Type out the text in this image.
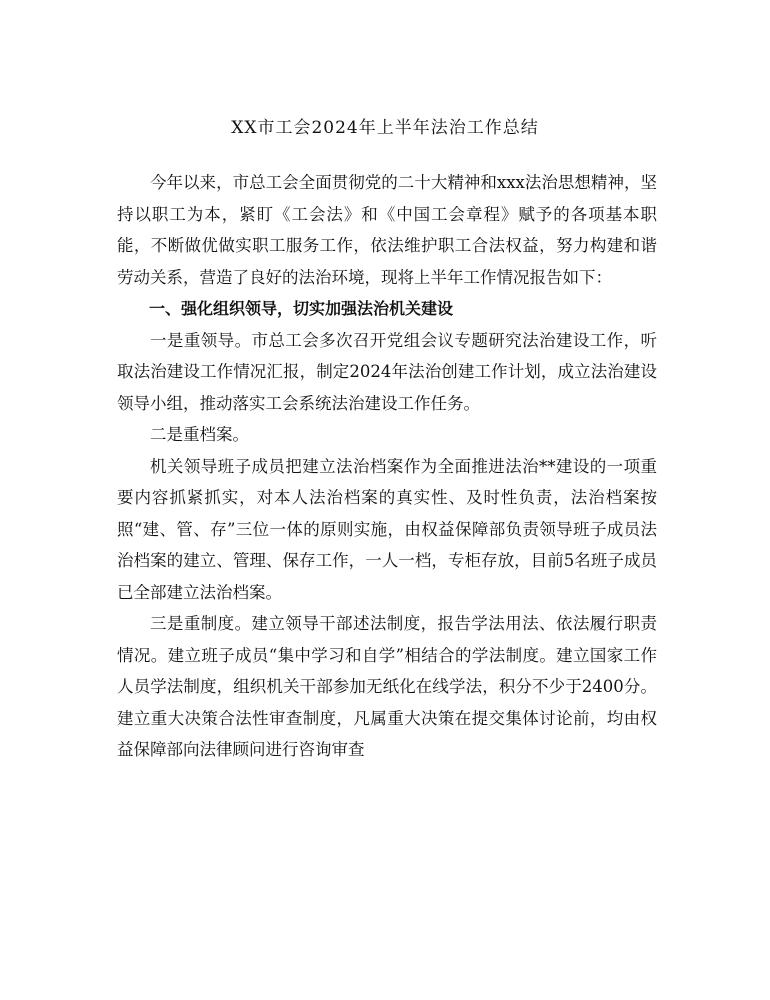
XX市工会2024年上半年法治工作总结

今年以来，市总工会全面贯彻党的二十大精神和xxx法治思想精神，坚持以职工为本，紧盯《工会法》和《中国工会章程》赋予的各项基本职能，不断做优做实职工服务工作，依法维护职工合法权益，努力构建和谐劳动关系，营造了良好的法治环境，现将上半年工作情况报告如下：

一、强化组织领导，切实加强法治机关建设

一是重领导。市总工会多次召开党组会议专题研究法治建设工作，听取法治建设工作情况汇报，制定2024年法治创建工作计划，成立法治建设领导小组，推动落实工会系统法治建设工作任务。

二是重档案。

机关领导班子成员把建立法治档案作为全面推进法治**建设的一项重要内容抓紧抓实，对本人法治档案的真实性、及时性负责，法治档案按照“建、管、存”三位一体的原则实施，由权益保障部负责领导班子成员法治档案的建立、管理、保存工作，一人一档，专柜存放，目前5名班子成员已全部建立法治档案。

三是重制度。建立领导干部述法制度，报告学法用法、依法履行职责情况。建立班子成员“集中学习和自学”相结合的学法制度。建立国家工作人员学法制度，组织机关干部参加无纸化在线学法，积分不少于2400分。建立重大决策合法性审查制度，凡属重大决策在提交集体讨论前，均由权益保障部向法律顾问进行咨询审查
